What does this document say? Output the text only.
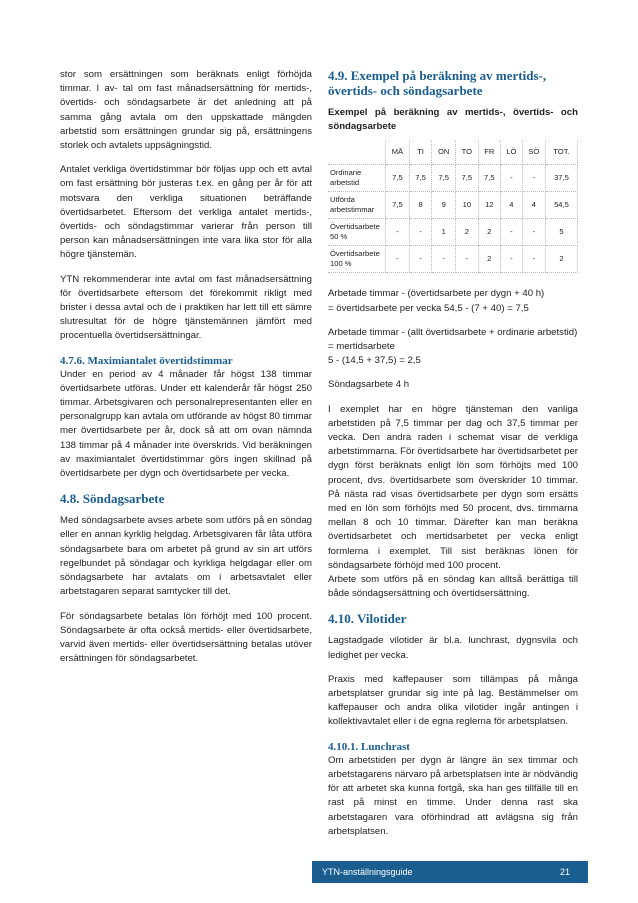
stor som ersättningen som beräknats enligt förhöjda timmar. I av- tal om fast månadsersättning för mertids-, övertids- och söndagsarbete är det anledning att på samma gång avtala om den uppskattade mängden arbetstid som ersättningen grundar sig på, ersättningens storlek och avtalets uppsägningstid.

Antalet verkliga övertidstimmar bör följas upp och ett avtal om fast ersättning bör justeras t.ex. en gång per år för att motsvara den verkliga situationen beträffande övertidsarbetet. Eftersom det verkliga antalet mertids-, övertids- och söndagstimmar varierar från person till person kan månadsersättningen inte vara lika stor för alla högre tjänstemän.

YTN rekommenderar inte avtal om fast månadsersättning för övertidsarbete eftersom det förekommit rikligt med brister i dessa avtal och de i praktiken har lett till ett sämre slutresultat för de högre tjänstemännen jämfört med procentuella övertidsersättningar.

4.7.6. Maximiantalet övertidstimmar

Under en period av 4 månader får högst 138 timmar övertidsarbete utföras. Under ett kalenderår får högst 250 timmar. Arbetsgivaren och personalrepresentanten eller en personalgrupp kan avtala om utförande av högst 80 timmar mer övertidsarbete per år, dock så att om ovan nämnda 138 timmar på 4 månader inte överskrids. Vid beräkningen av maximiantalet övertidstimmar görs ingen skillnad på övertidsarbete per dygn och övertidsarbete per vecka.

4.8. Söndagsarbete

Med söndagsarbete avses arbete som utförs på en söndag eller en annan kyrklig helgdag. Arbetsgivaren får låta utföra söndagsarbete bara om arbetet på grund av sin art utförs regelbundet på söndagar och kyrkliga helgdagar eller om söndagsarbete har avtalats om i arbetsavtalet eller arbetstagaren separat samtycker till det.

För söndagsarbete betalas lön förhöjt med 100 procent. Söndagsarbete är ofta också mertids- eller övertidsarbete, varvid även mertids- eller övertidsersättning betalas utöver ersättningen för söndagsarbetet.

4.9. Exempel på beräkning av mertids-, övertids- och söndagsarbete

Exempel på beräkning av mertids-, övertids- och söndagsarbete

	MÅ	TI	ON	TO	FR	LÖ	SÖ	TOT.
Ordinarie arbetstid	7,5	7,5	7,5	7,5	7,5	-	-	37,5
Utförda arbetstimmar	7,5	8	9	10	12	4	4	54,5
Övertidsarbete 50 %	-	-	1	2	2	-	-	5
Övertidsarbete 100 %	-	-	-	-	2	-	-	2

Arbetade timmar - (övertidsarbete per dygn + 40 h)

= övertidsarbete per vecka 54,5 - (7 + 40) = 7,5

Arbetade timmar - (allt övertidsarbete + ordinarie arbetstid)

= mertidsarbete

5 - (14,5 + 37,5) = 2,5

Söndagsarbete 4 h

I exemplet har en högre tjänsteman den vanliga arbetstiden på 7,5 timmar per dag och 37,5 timmar per vecka. Den andra raden i schemat visar de verkliga arbetstimmarna. För övertidsarbete har övertidsarbetet per dygn först beräknats enligt lön som förhöjts med 100 procent, dvs. övertidsarbete som överskrider 10 timmar. På nästa rad visas övertidsarbete per dygn som ersätts med en lön som förhöjts med 50 procent, dvs. timmarna mellan 8 och 10 timmar. Därefter kan man beräkna övertidsarbetet och mertidsarbetet per vecka enligt formlerna i exemplet. Till sist beräknas lönen för söndagsarbete förhöjd med 100 procent.

Arbete som utförs på en söndag kan alltså berättiga till både söndagsersättning och övertidsersättning.

4.10. Vilotider

Lagstadgade vilotider är bl.a. lunchrast, dygnsvila och ledighet per vecka.

Praxis med kaffepauser som tillämpas på många arbetsplatser grundar sig inte på lag. Bestämmelser om kaffepauser och andra olika vilotider ingår antingen i kollektivavtalet eller i de egna reglerna för arbetsplatsen.

4.10.1. Lunchrast

Om arbetstiden per dygn är längre än sex timmar och arbetstagarens närvaro på arbetsplatsen inte är nödvändig för att arbetet ska kunna fortgå, ska han ges tillfälle till en rast på minst en timme. Under denna rast ska arbetstagaren vara oförhindrad att avlägsna sig från arbetsplatsen.

YTN-anställningsguide	21
